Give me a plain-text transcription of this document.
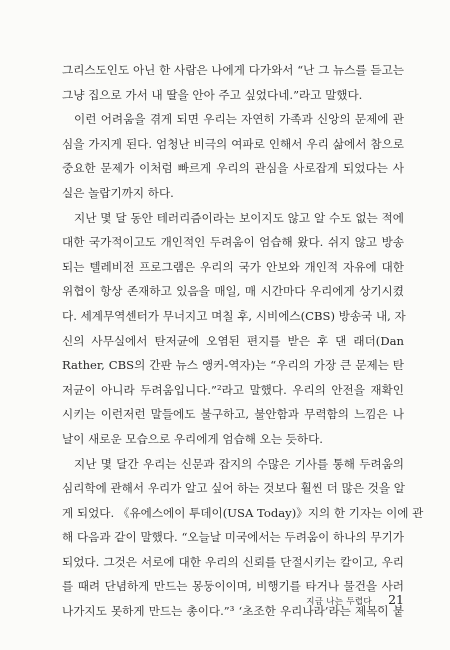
그리스도인도 아닌 한 사람은 나에게 다가와서 “난 그 뉴스를 듣고는
그냥 집으로 가서 내 딸을 안아 주고 싶었다네.”라고 말했다.
이런 어려움을 겪게 되면 우리는 자연히 가족과 신앙의 문제에 관
심을 가지게 된다. 엄청난 비극의 여파로 인해서 우리 삶에서 참으로
중요한 문제가 이처럼 빠르게 우리의 관심을 사로잡게 되었다는 사
실은 놀랍기까지 하다.
지난 몇 달 동안 테러리즘이라는 보이지도 않고 알 수도 없는 적에
대한 국가적이고도 개인적인 두려움이 엄습해 왔다. 쉬지 않고 방송
되는 텔레비전 프로그램은 우리의 국가 안보와 개인적 자유에 대한
위협이 항상 존재하고 있음을 매일, 매 시간마다 우리에게 상기시켰
다. 세계무역센터가 무너지고 며칠 후, 시비에스(CBS) 방송국 내, 자
신의 사무실에서 탄저균에 오염된 편지를 받은 후 댄 래더(Dan
Rather, CBS의 간판 뉴스 앵커-역자)는 “우리의 가장 큰 문제는 탄
저균이 아니라 두려움입니다.”²라고 말했다. 우리의 안전을 재확인
시키는 이런저런 말들에도 불구하고, 불안함과 무력함의 느낌은 나
날이 새로운 모습으로 우리에게 엄습해 오는 듯하다.
지난 몇 달간 우리는 신문과 잡지의 수많은 기사를 통해 두려움의
심리학에 관해서 우리가 알고 싶어 하는 것보다 훨씬 더 많은 것을 알
게 되었다. 《유에스에이 투데이(USA Today)》지의 한 기자는 이에 관
해 다음과 같이 말했다. “오늘날 미국에서는 두려움이 하나의 무기가
되었다. 그것은 서로에 대한 우리의 신뢰를 단절시키는 칼이고, 우리
를 때려 단념하게 만드는 몽둥이이며, 비행기를 타거나 물건을 사러
나가지도 못하게 만드는 총이다.”³ ‘초조한 우리나라’라는 제목이 붙
지금 나는 두렵다 _ 21
